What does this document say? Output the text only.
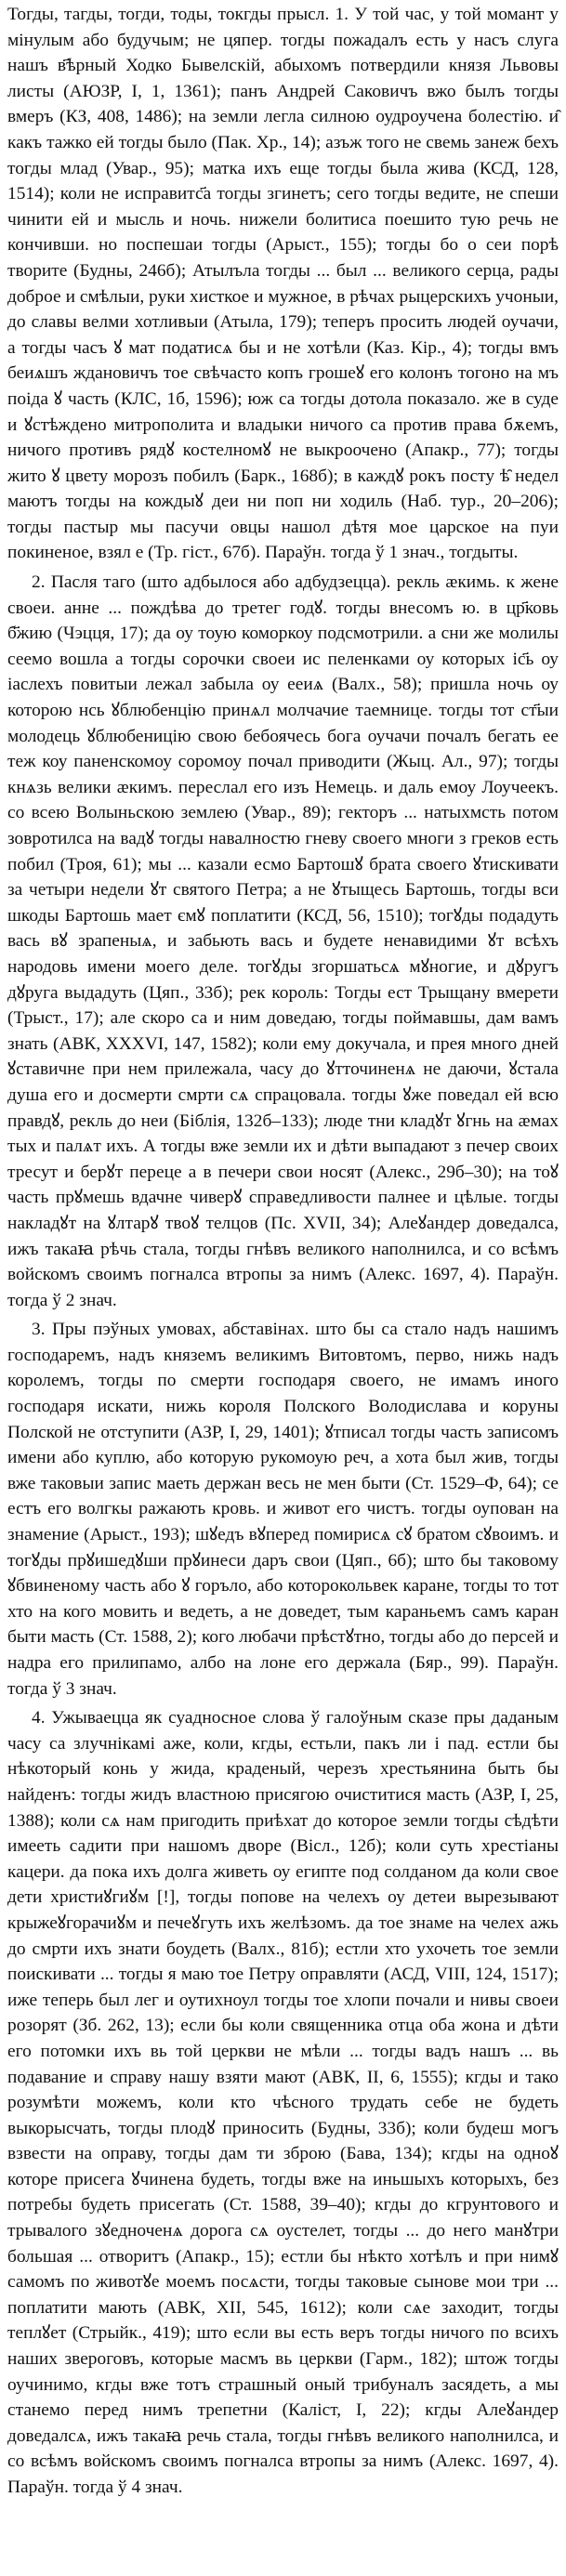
Тогды, тагды, тогди, тоды, токгды прысл. 1. У той час, у той момант у мінулым або будучым; не цяпер. тогды пожадалъ есть у насъ слуга нашъ в҃ѣрный Ходко Бывелскій, абыхомъ потвердили князя Львовы листы (АЮЗР, I, 1, 1361); панъ Андрей Саковичъ вжо былъ тогды вмеръ (КЗ, 408, 1486); на земли легла силною оудроучена болестію. и̑ какъ тажко ей тогды было (Пак. Хр., 14); азъж того не свемь занеж бехъ тогды млад (Увар., 95); матка ихъ еще тогды была жива (КСД, 128, 1514); коли не исправитс҃а тогды згинетъ; сего тогды ведите, не спеши чинити ей и мысль и ночь. нижели болитиса поешито тую речь не кончивши. но поспешаи тогды (Арыст., 155); тогды бо о сеи порѣ творите (Будны, 246б); Атылъла тогды ... был ... великого серца, рады доброе и смѣлыи, руки хисткое и мужное, в рѣчах рыцерскихъ учоныи, до славы велми хотливыи (Атыла, 179); теперъ просить людей оучачи, а тогды часъ ꙋ мат податисѧ бы и не хотѣли (Каз. Кір., 4); тогды вмъ беиѧшъ ждановичъ тое свѣчасто копъ грошеꙋ его колонъ тогоно на мъ поіда ꙋ часть (КЛС, 1б, 1596); юж са тогды дотола показало. же в суде и ꙋстѣждено митрополита и владыки ничого са против права бѫемъ, ничого противъ рядꙋ костелномꙋ не выкроочено (Апакр., 77); тогды жито ꙋ цвету морозъ побилъ (Барк., 168б); в каждꙋ рокъ посту ѣ̑ недел маютъ тогды на кождыꙋ деи ни поп ни ходиль (Наб. тур., 20–206); тогды пастыр мы пасучи овцы нашол дѣтя мое царское на пуи покиненое, взял е (Тр. гіст., 67б). Параўн. тогда ў 1 знач., тогдыты.

2. Пасля таго (што адбылося або адбудзецца). рекль ӕкимь. к жене своеи. анне ... пождѣва до третег годꙋ. тогды внесомъ ю. в цр҃ковь б҃жию (Чэцця, 17); да оу тоую коморкоу подсмотрили. а сни же молилы сеемо вошла а тогды сорочки своеи ис пеленками оу которых іс҃ь оу іаслехъ повитыи лежал забыла оу ееиѧ (Валх., 58); пришла ночь оу которою нсь ꙋблюбенцію принѧл молчачиe таемницe. тогды тот ст҃ыи молодець ꙋблюбеницію свою бебоячесь бога оучачи почалъ бегать ее теж коу паненскомоу соромоу почал приводити (Жыц. Ал., 97); тогды кнѧзь велики ӕкимъ. переслал его изъ Немець. и даль емоу Лоучеекъ. со всею Волыньскою землею (Увар., 89); гекторъ ... натыхмсть потом зовротилса на вадꙋ тогды навалностю гневу своего многи з греков есть побил (Троя, 61); мы ... казали есмо Бартошꙋ брата своего ꙋтискивати за четыри недели ꙋт святого Петра; а не ꙋтыщесь Бартошь, тогды вси шкоды Бартошь мает ємꙋ поплатити (КСД, 56, 1510); тогꙋды подадуть вась вꙋ зрапеныѧ, и забьють вась и будете ненавидими ꙋт всѣхъ народовь имени моего деле. тогꙋды згоршатьсѧ мꙋногие, и дꙋругъ дꙋруга выдадуть (Цяп., 33б); рек король: Тогды ест Трыщану вмерети (Трыст., 17); але скоро са и ним доведаю, тогды поймавшы, дам вамъ знать (АВК, XXXVI, 147, 1582); коли ему докучала, и прея много дней ꙋставичне при нем прилежала, часу до ꙋтточиненѧ не даючи, ꙋстала душа его и досмерти смрти сѧ спрацовала. тогды ꙋже поведал ей всю правдꙋ, рекль до неи (Біблія, 132б–133); люде тни кладꙋт ꙋгнь на ӕмах тых и палѧт ихъ. А тогды вже земли их и дѣти выпадают з печер своих тресут и берꙋт переце а в печери свои носят (Алекс., 29б–30); на тоꙋ часть прꙋмешь вдачне чиверꙋ справедливости палнеe и цѣлые. тогды накладꙋт на ꙋлтарꙋ твоꙋ телцов (Пс. XVII, 34); Алеꙋандер доведалса, ижъ такаꙗ рѣчь стала, тогды гнѣвъ великого наполнилса, и со всѣмъ войскомъ своимъ погналса втропы за нимъ (Алекс. 1697, 4). Параўн. тогда ў 2 знач.

3. Пры пэўных умовах, абставінах. што бы са стало надъ нашимъ господаремъ, надъ княземъ великимъ Витовтомъ, перво, нижь надъ королемъ, тогды по смерти господаря своего, не имамъ иного господаря искати, нижь короля Полского Володислава и коруны Полской не отступити (АЗР, I, 29, 1401); ꙋтписал тогды часть записомъ имени або куплю, або которую рукомоую реч, а хота был жив, тогды вже таковыи запис маеть держан весь не мен быти (Ст. 1529–Ф, 64); се естъ его волгкы ражають кровь. и живот его чистъ. тогды оупован на знамение (Арыст., 193); шꙋедъ вꙋперед помирисѧ сꙋ братом сꙋвоимъ. и тогꙋды прꙋишедꙋши прꙋинеси даръ свои (Цяп., 6б); што бы таковому ꙋбвиненому часть або ꙋ горъло, або которокольвек каране, тогды то тот хто на кого мовить и ведеть, а не доведет, тым караньемъ самъ каран быти масть (Ст. 1588, 2); кого любачи прѣстꙋтно, тогды або до персей и надра его прилипамо, албо на лоне его держала (Бяр., 99). Параўн. тогда ў 3 знач.

4. Ужываецца як суадносное слова ў галоўным сказе пры даданым часу са злучнікамі аже, коли, кгды, естьли, пакъ ли і пад. естли бы нѣкоторый конь у жида, краденый, черезъ хрестьянина быть бы найденъ: тогды жидъ властною присягою очиститися масть (АЗР, I, 25, 1388); коли сѧ нам пригодить приѣхат до которое земли тогды сѣдѣти имееть садити при нашомъ дворе (Вісл., 12б); коли суть хрестiаны кацери. да пока ихъ долга живеть оу египте под солданом да коли свое дети христиꙋгиꙋм [!], тогды попове на челехъ оу детеи вырезывают крыжеꙋгорачиꙋм и печеꙋгуть ихъ желѣзомъ. да тое знаме на челех ажь до смрти ихъ знати боудеть (Валх., 81б); естли хто ухочеть тое земли поискивати ... тогды я маю тое Петру оправляти (АСД, VIII, 124, 1517); иже теперь был лег и оутихноул тогды тое хлопи почали и нивы своеи розорят (Зб. 262, 13); если бы коли священника отца оба жона и дѣти его потомки ихъ вь той церкви не мѣли ... тогды вадъ нашъ ... вь подавание и справу нашу взяти мают (АВК, II, 6, 1555); кгды и тако розумѣти можемъ, коли кто чѣсного трудать себе не будеть выкорысчать, тогды плодꙋ приносить (Будны, 33б); коли будеш могъ взвести на оправу, тогды дам ти зброю (Бава, 134); кгды на одноꙋ которе присега ꙋчинена будеть, тогды вже на иньшыхъ которыхъ, без потребы будеть присегать (Ст. 1588, 39–40); кгды до кгрунтового и трывалого зꙋедноченѧ дорога сѧ оустелет, тогды ... до него манꙋтри большая ... отворитъ (Апакр., 15); естли бы нѣкто хотѣлъ и при нимꙋ самомъ по животꙋе моемъ посѧсти, тогды таковые сынове мои три ... поплатити мають (АВК, XII, 545, 1612); коли сѧе заходит, тогды теплꙋет (Стрыйк., 419); што если вы есть веръ тогды ничого по всихъ наших звероговъ, которые масмъ вь церкви (Гарм., 182); штож тогды оучинимо, кгды вже тотъ страшный оный трибуналъ засядеть, а мы станемо перед нимъ трепетни (Калiст, I, 22); кгды Алеꙋандер доведалсѧ, ижъ такаꙗ речь стала, тогды гнѣвъ великого наполнилса, и со всѣмъ войскомъ своимъ погналса втропы за нимъ (Алекс. 1697, 4). Параўн. тогда ў 4 знач.
